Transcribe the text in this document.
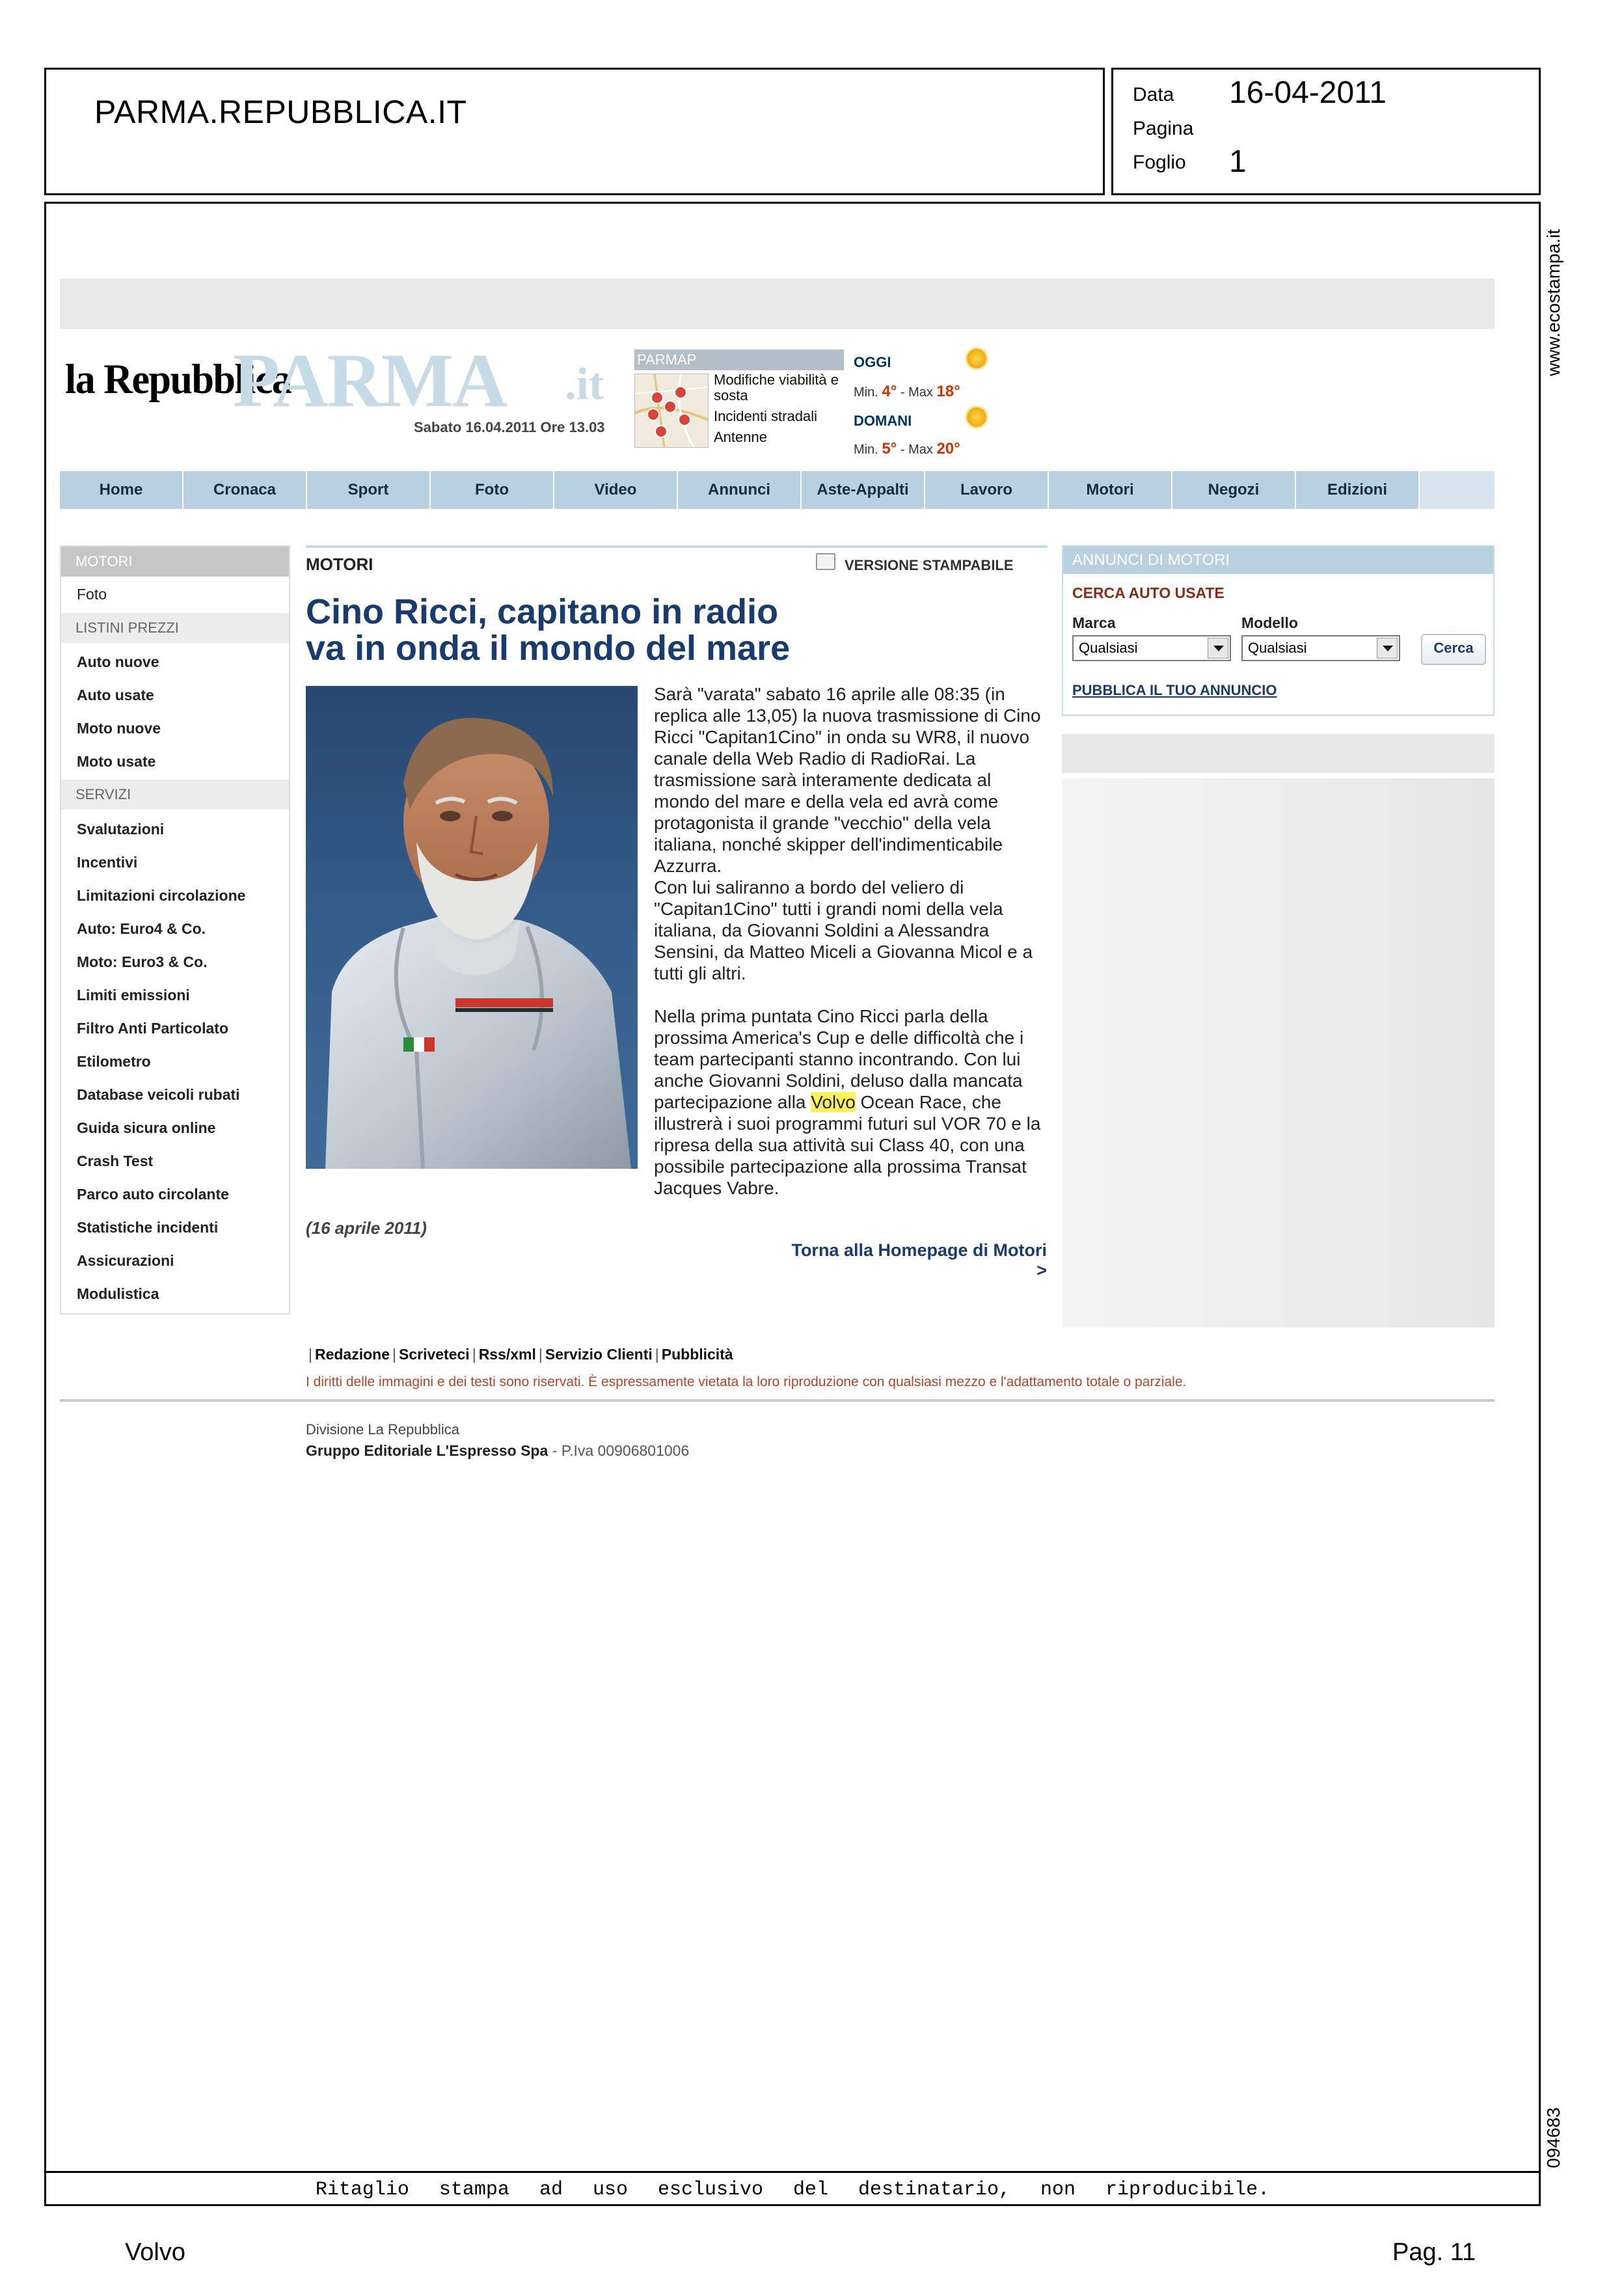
PARMA.REPUBBLICA.IT	Data 16-04-2011
Pagina
Foglio 1
www.ecostampa.it
094683
Ritaglio stampa ad uso esclusivo del destinatario, non riproducibile.
Volvo	Pag. 11
la Repubblica
PARMA .it
Sabato 16.04.2011 Ore 13.03
PARMAP
Modifiche viabilità e sosta
Incidenti stradali
Antenne
OGGI
Min. 4° - Max 18°
DOMANI
Min. 5° - Max 20°
Home	Cronaca	Sport	Foto	Video	Annunci	Aste-Appalti	Lavoro	Motori	Negozi	Edizioni
MOTORI
Foto
LISTINI PREZZI
Auto nuove
Auto usate
Moto nuove
Moto usate
SERVIZI
Svalutazioni
Incentivi
Limitazioni circolazione
Auto: Euro4 & Co.
Moto: Euro3 & Co.
Limiti emissioni
Filtro Anti Particolato
Etilometro
Database veicoli rubati
Guida sicura online
Crash Test
Parco auto circolante
Statistiche incidenti
Assicurazioni
Modulistica
MOTORI	VERSIONE STAMPABILE
Cino Ricci, capitano in radio
va in onda il mondo del mare

Sarà "varata" sabato 16 aprile alle 08:35 (in replica alle 13,05) la nuova trasmissione di Cino Ricci "Capitan1Cino" in onda su WR8, il nuovo canale della Web Radio di RadioRai. La trasmissione sarà interamente dedicata al mondo del mare e della vela ed avrà come protagonista il grande "vecchio" della vela italiana, nonché skipper dell'indimenticabile Azzurra.

Con lui saliranno a bordo del veliero di "Capitan1Cino" tutti i grandi nomi della vela italiana, da Giovanni Soldini a Alessandra Sensini, da Matteo Miceli a Giovanna Micol e a tutti gli altri.

Nella prima puntata Cino Ricci parla della prossima America's Cup e delle difficoltà che i team partecipanti stanno incontrando. Con lui anche Giovanni Soldini, deluso dalla mancata partecipazione alla Volvo Ocean Race, che illustrerà i suoi programmi futuri sul VOR 70 e la ripresa della sua attività sui Class 40, con una possibile partecipazione alla prossima Transat Jacques Vabre.

(16 aprile 2011)
Torna alla Homepage di Motori >
ANNUNCI DI MOTORI
CERCA AUTO USATE
Marca	Modello
Qualsiasi	Qualsiasi	Cerca
PUBBLICA IL TUO ANNUNCIO
| Redazione | Scriveteci | Rss/xml | Servizio Clienti | Pubblicità
I diritti delle immagini e dei testi sono riservati. È espressamente vietata la loro riproduzione con qualsiasi mezzo e l'adattamento totale o parziale.
Divisione La Repubblica
Gruppo Editoriale L'Espresso Spa - P.Iva 00906801006
